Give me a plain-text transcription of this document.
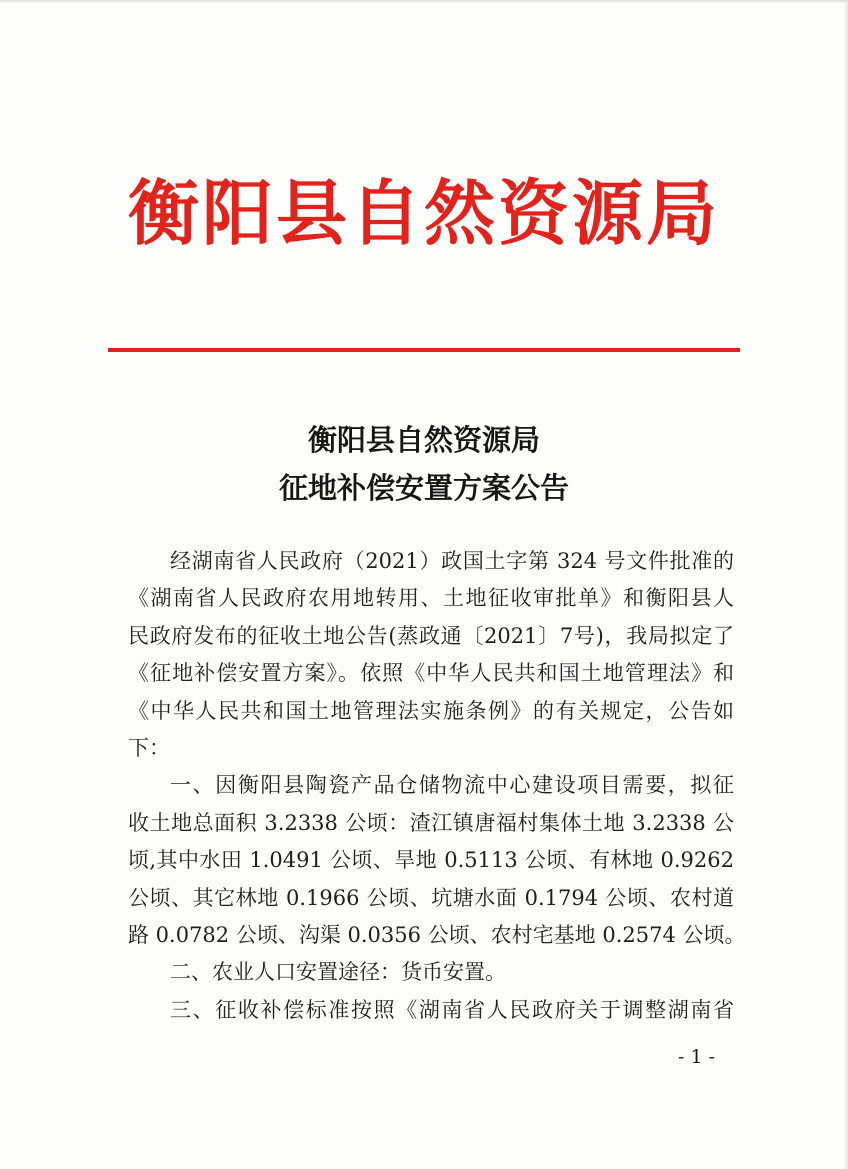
衡阳县自然资源局
衡阳县自然资源局
征地补偿安置方案公告
经湖南省人民政府（2021）政国土字第 324 号文件批准的
《湖南省人民政府农用地转用、土地征收审批单》和衡阳县人
民政府发布的征收土地公告(蒸政通〔2021〕7号)，我局拟定了
《征地补偿安置方案》。依照《中华人民共和国土地管理法》和
《中华人民共和国土地管理法实施条例》的有关规定，公告如
下：
一、因衡阳县陶瓷产品仓储物流中心建设项目需要，拟征
收土地总面积 3.2338 公顷：渣江镇唐福村集体土地 3.2338 公
顷,其中水田 1.0491 公顷、旱地 0.5113 公顷、有林地 0.9262
公顷、其它林地 0.1966 公顷、坑塘水面 0.1794 公顷、农村道
路 0.0782 公顷、沟渠 0.0356 公顷、农村宅基地 0.2574 公顷。
二、农业人口安置途径：货币安置。
三、征收补偿标准按照《湖南省人民政府关于调整湖南省
- 1 -
